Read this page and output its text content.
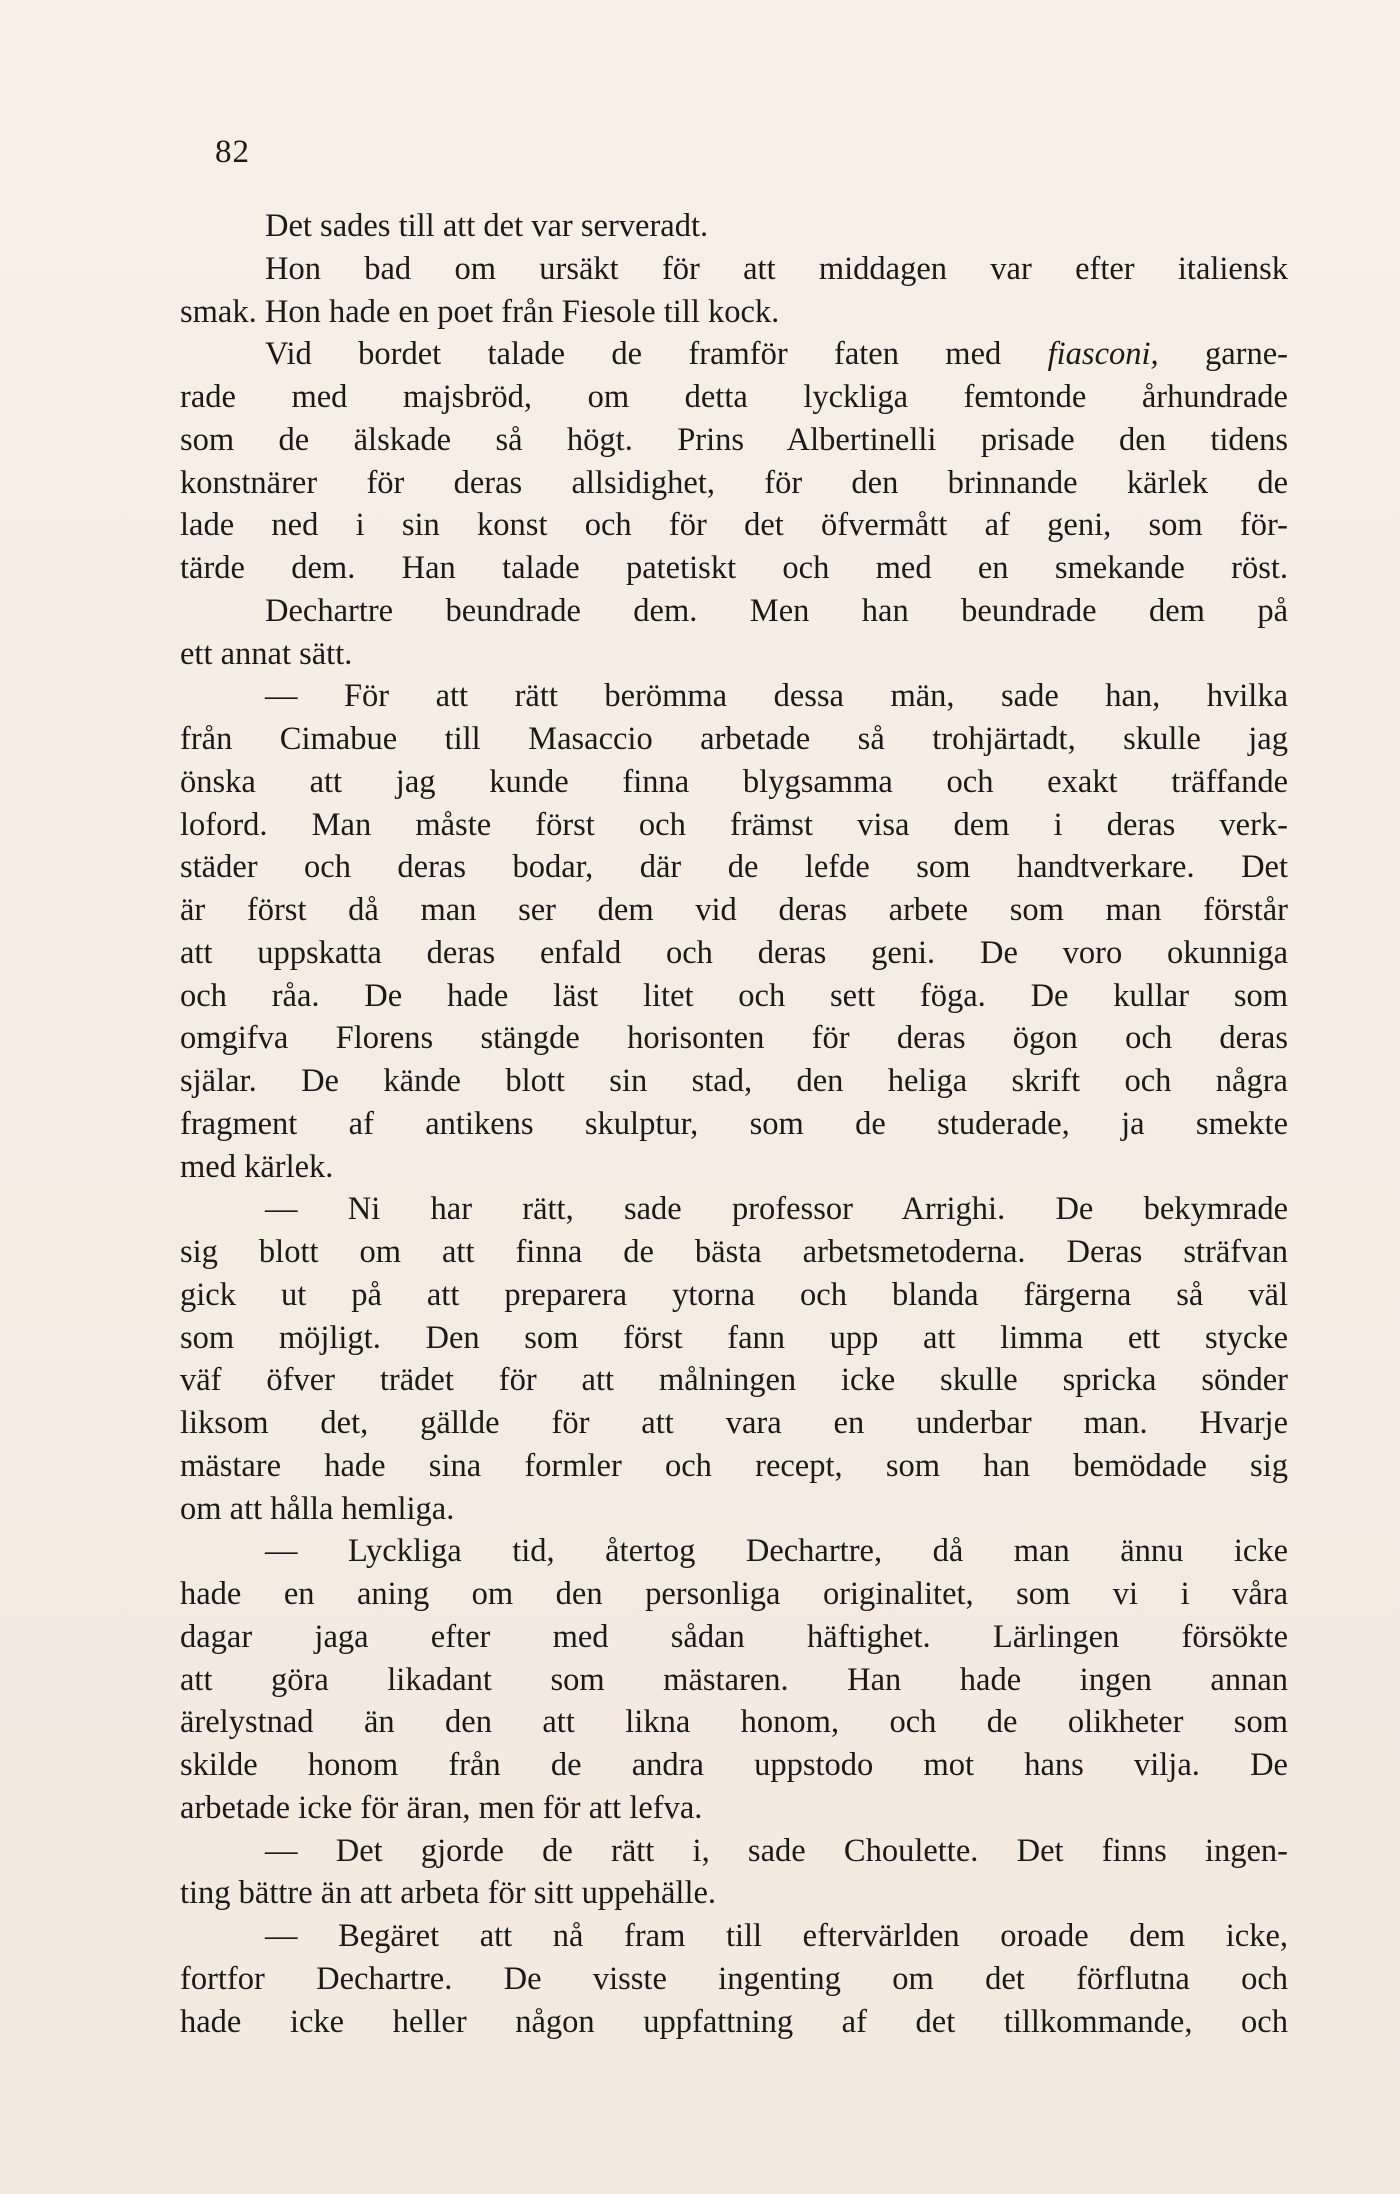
82
Det sades till att det var serveradt.
Hon bad om ursäkt för att middagen var efter italiensk
smak. Hon hade en poet från Fiesole till kock.
Vid bordet talade de framför faten med fiasconi, garne-
rade med majsbröd, om detta lyckliga femtonde århundrade
som de älskade så högt. Prins Albertinelli prisade den tidens
konstnärer för deras allsidighet, för den brinnande kärlek de
lade ned i sin konst och för det öfvermått af geni, som för-
tärde dem. Han talade patetiskt och med en smekande röst.
Dechartre beundrade dem. Men han beundrade dem på
ett annat sätt.
— För att rätt berömma dessa män, sade han, hvilka
från Cimabue till Masaccio arbetade så trohjärtadt, skulle jag
önska att jag kunde finna blygsamma och exakt träffande
loford. Man måste först och främst visa dem i deras verk-
städer och deras bodar, där de lefde som handtverkare. Det
är först då man ser dem vid deras arbete som man förstår
att uppskatta deras enfald och deras geni. De voro okunniga
och råa. De hade läst litet och sett föga. De kullar som
omgifva Florens stängde horisonten för deras ögon och deras
själar. De kände blott sin stad, den heliga skrift och några
fragment af antikens skulptur, som de studerade, ja smekte
med kärlek.
— Ni har rätt, sade professor Arrighi. De bekymrade
sig blott om att finna de bästa arbetsmetoderna. Deras sträfvan
gick ut på att preparera ytorna och blanda färgerna så väl
som möjligt. Den som först fann upp att limma ett stycke
väf öfver trädet för att målningen icke skulle spricka sönder
liksom det, gällde för att vara en underbar man. Hvarje
mästare hade sina formler och recept, som han bemödade sig
om att hålla hemliga.
— Lyckliga tid, återtog Dechartre, då man ännu icke
hade en aning om den personliga originalitet, som vi i våra
dagar jaga efter med sådan häftighet. Lärlingen försökte
att göra likadant som mästaren. Han hade ingen annan
ärelystnad än den att likna honom, och de olikheter som
skilde honom från de andra uppstodo mot hans vilja. De
arbetade icke för äran, men för att lefva.
— Det gjorde de rätt i, sade Choulette. Det finns ingen-
ting bättre än att arbeta för sitt uppehälle.
— Begäret att nå fram till eftervärlden oroade dem icke,
fortfor Dechartre. De visste ingenting om det förflutna och
hade icke heller någon uppfattning af det tillkommande, och
